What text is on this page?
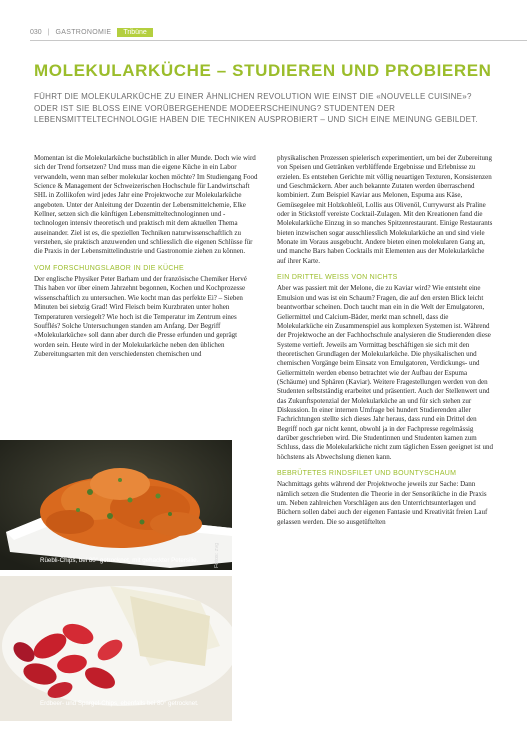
030 | GASTRONOMIE	Tribüne
MOLEKULARKÜCHE – STUDIEREN UND PROBIEREN
FÜHRT DIE MOLEKULARKÜCHE ZU EINER ÄHNLICHEN REVOLUTION WIE EINST DIE «NOUVELLE CUISINE»? ODER IST SIE BLOSS EINE VORÜBERGEHENDE MODEERSCHEINUNG? STUDENTEN DER LEBENSMITTELTECHNOLOGIE HABEN DIE TECHNIKEN AUSPROBIERT – UND SICH EINE MEINUNG GEBILDET.

Momentan ist die Molekularküche buchstäblich in aller Munde. Doch wie wird sich der Trend fortsetzen? Und muss man die eigene Küche in ein Labor verwandeln, wenn man selber molekular kochen möchte? Im Studiengang Food Science & Management der Schweizerischen Hochschule für Landwirtschaft SHL in Zollikofen wird jedes Jahr eine Projektwoche zur Molekularküche angeboten. Unter der Anleitung der Dozentin der Lebensmittelchemie, Elke Kellner, setzen sich die künftigen Lebensmitteltechnologinnen und -technologen intensiv theoretisch und praktisch mit dem aktuellen Thema auseinander. Ziel ist es, die speziellen Techniken naturwissenschaftlich zu verstehen, sie praktisch anzuwenden und schliesslich die eigenen Schlüsse für die Praxis in der Lebensmittelindustrie und Gastronomie ziehen zu können.

VOM FORSCHUNGSLABOR IN DIE KÜCHE

Der englische Physiker Peter Barham und der französische Chemiker Hervé This haben vor über einem Jahrzehnt begonnen, Kochen und Kochprozesse wissenschaftlich zu untersuchen. Wie kocht man das perfekte Ei? – Sieben Minuten bei siebzig Grad! Wird Fleisch beim Kurzbraten unter hohen Temperaturen versiegelt? Wie hoch ist die Temperatur im Zentrum eines Soufflés? Solche Untersuchungen standen am Anfang. Der Begriff «Molekularküche» soll dann aber durch die Presse erfunden und geprägt worden sein. Heute wird in der Molekularküche neben den üblichen Zubereitungsarten mit den verschiedensten chemischen und

physikalischen Prozessen spielerisch experimentiert, um bei der Zubereitung von Speisen und Getränken verblüffende Ergebnisse und Erlebnisse zu erzielen. Es entstehen Gerichte mit völlig neuartigen Texturen, Konsistenzen und Geschmäckern. Aber auch bekannte Zutaten werden überraschend kombiniert. Zum Beispiel Kaviar aus Melonen, Espuma aus Käse, Gemüsegelee mit Holzkohleöl, Lollis aus Olivenöl, Currywurst als Praline oder in Stickstoff vereiste Cocktail-Zulagen. Mit den Kreationen fand die Molekularküche Einzug in so manches Spitzenrestaurant. Einige Restaurants bieten inzwischen sogar ausschliesslich Molekularküche an und sind viele Monate im Voraus ausgebucht. Andere bieten einen molekularen Gang an, und manche Bars haben Cocktails mit Elementen aus der Molekularküche auf ihrer Karte.

EIN DRITTEL WEISS VON NICHTS

Aber was passiert mit der Melone, die zu Kaviar wird? Wie entsteht eine Emulsion und was ist ein Schaum? Fragen, die auf den ersten Blick leicht beantwortbar scheinen. Doch taucht man ein in die Welt der Emulgatoren, Geliermittel und Calcium-Bäder, merkt man schnell, dass die Molekularküche ein Zusammenspiel aus komplexen Systemen ist. Während der Projektwoche an der Fachhochschule analysieren die Studierenden diese Systeme vertieft. Jeweils am Vormittag beschäftigen sie sich mit den theoretischen Grundlagen der Molekularküche. Die physikalischen und chemischen Vorgänge beim Einsatz von Emulgatoren, Verdickungs- und Geliermitteln werden ebenso betrachtet wie der Aufbau der Espuma (Schäume) und Sphären (Kaviar). Weitere Fragestellungen werden von den Studenten selbstständig erarbeitet und präsentiert. Auch der Stellenwert und das Zukunftspotenzial der Molekularküche an und für sich stehen zur Diskussion. In einer internen Umfrage bei hundert Studierenden aller Fachrichtungen stellte sich dieses Jahr heraus, dass rund ein Drittel den Begriff noch gar nicht kennt, obwohl ja in der Fachpresse regelmässig darüber geschrieben wird. Die Studentinnen und Studenten kamen zum Schluss, dass die Molekularküche nicht zum täglichen Essen geeignet ist und höchstens als Abwechslung dienen kann.

BEBRÜTETES RINDSFILET UND BOUNTYSCHAUM

Nachmittags gehts während der Projektwoche jeweils zur Sache: Dann nämlich setzen die Studenten die Theorie in der Sensoriküche in die Praxis um. Neben zahlreichen Vorschlägen aus den Unterrichtsunterlagen und Büchern sollen dabei auch der eigenen Fantasie und Kreativität freien Lauf gelassen werden. Die so ausgetüftelten

Rüebli-Chips, bei 80° getrocknet, mit gehackter Petersilie.	Fotos: zvg
Erdbeer- und Spargel-Chips, ebenfalls bei 80° getrocknet.
